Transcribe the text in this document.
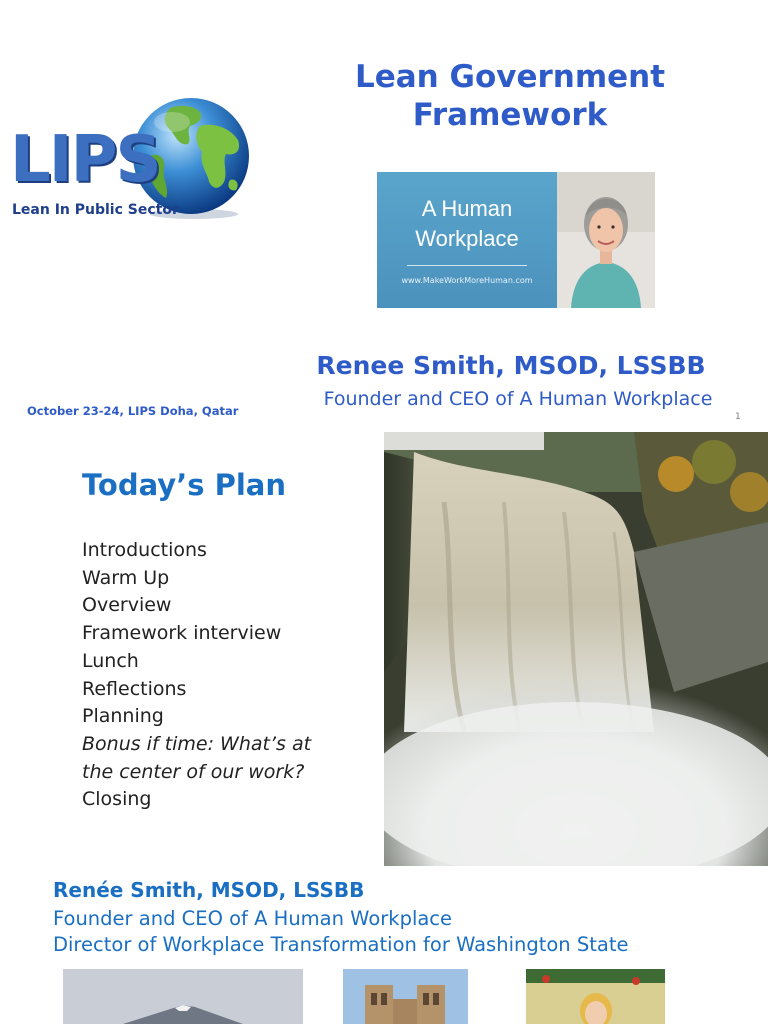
LIPS
Lean In Public Sector
Lean Government
Framework
A Human
Workplace
www.MakeWorkMoreHuman.com
Renee Smith, MSOD, LSSBB
Founder and CEO of A Human Workplace
October 23-24, LIPS Doha, Qatar	1
Today’s Plan
Introductions
Warm Up
Overview
Framework interview
Lunch
Reflections
Planning
Bonus if time: What’s at
the center of our work?
Closing
Renée Smith, MSOD, LSSBB
Founder and CEO of A Human Workplace
Director of Workplace Transformation for Washington State
